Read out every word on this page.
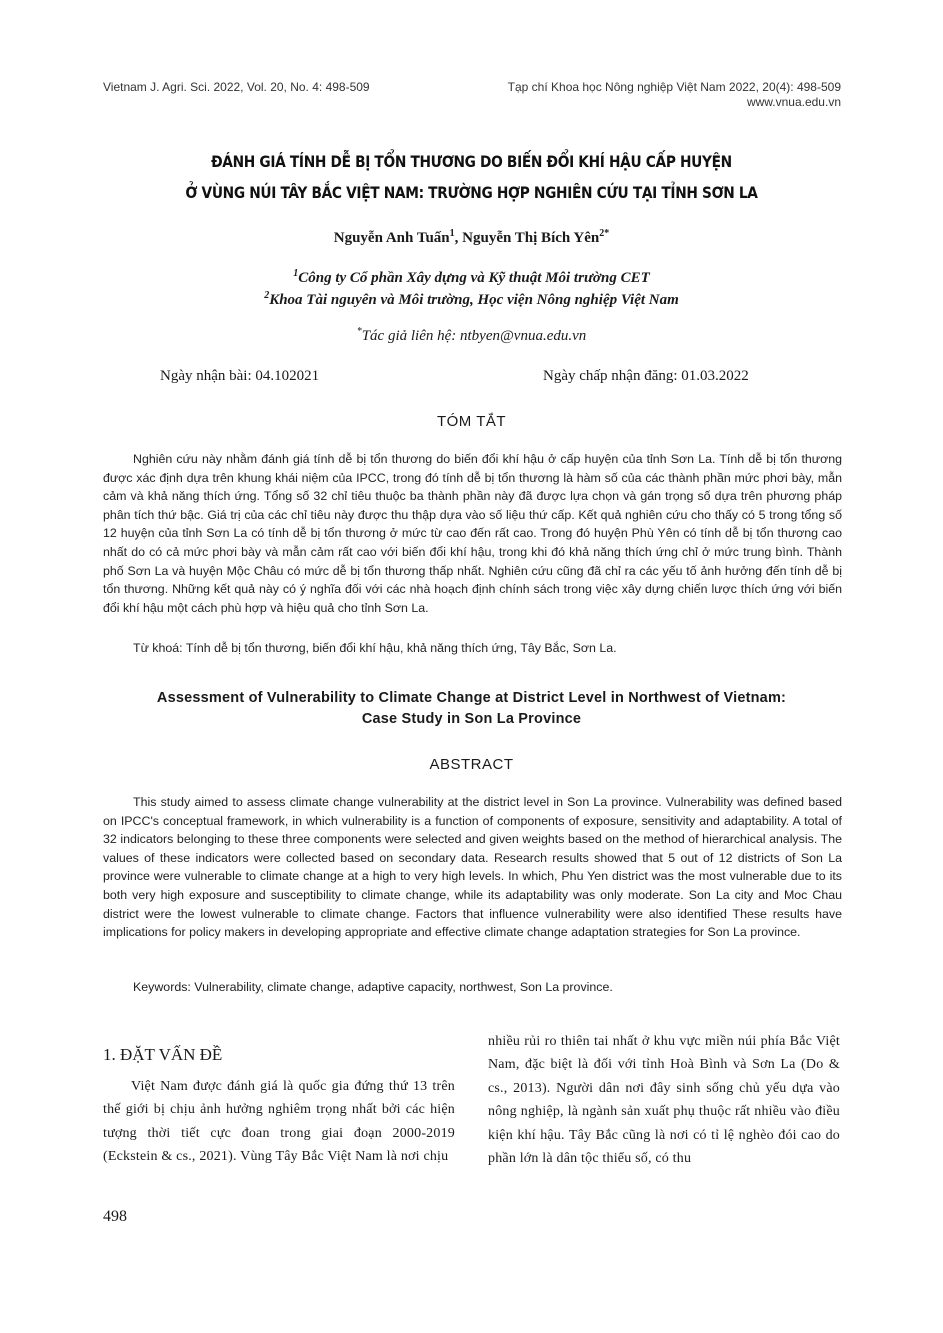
Vietnam J. Agri. Sci. 2022, Vol. 20, No. 4: 498-509	Tạp chí Khoa học Nông nghiệp Việt Nam 2022, 20(4): 498-509
www.vnua.edu.vn
ĐÁNH GIÁ TÍNH DỄ BỊ TỔN THƯƠNG DO BIẾN ĐỔI KHÍ HẬU CẤP HUYỆN
Ở VÙNG NÚI TÂY BẮC VIỆT NAM: TRƯỜNG HỢP NGHIÊN CỨU TẠI TỈNH SƠN LA
Nguyễn Anh Tuấn$^1$, Nguyễn Thị Bích Yên$^{2*}$
$^1$Công ty Cổ phần Xây dựng và Kỹ thuật Môi trường CET
$^2$Khoa Tài nguyên và Môi trường, Học viện Nông nghiệp Việt Nam
*Tác giả liên hệ: ntbyen@vnua.edu.vn
Ngày nhận bài: 04.102021	Ngày chấp nhận đăng: 01.03.2022
TÓM TẮT
Nghiên cứu này nhằm đánh giá tính dễ bị tổn thương do biến đổi khí hậu ở cấp huyện của tỉnh Sơn La. Tính dễ bị tổn thương được xác định dựa trên khung khái niệm của IPCC, trong đó tính dễ bị tổn thương là hàm số của các thành phần mức phơi bày, mẫn cảm và khả năng thích ứng. Tổng số 32 chỉ tiêu thuộc ba thành phần này đã được lựa chọn và gán trọng số dựa trên phương pháp phân tích thứ bậc. Giá trị của các chỉ tiêu này được thu thập dựa vào số liệu thứ cấp. Kết quả nghiên cứu cho thấy có 5 trong tổng số 12 huyện của tỉnh Sơn La có tính dễ bị tổn thương ở mức từ cao đến rất cao. Trong đó huyện Phù Yên có tính dễ bị tổn thương cao nhất do có cả mức phơi bày và mẫn cảm rất cao với biến đổi khí hậu, trong khi đó khả năng thích ứng chỉ ở mức trung bình. Thành phố Sơn La và huyện Mộc Châu có mức dễ bị tổn thương thấp nhất. Nghiên cứu cũng đã chỉ ra các yếu tố ảnh hưởng đến tính dễ bị tổn thương. Những kết quả này có ý nghĩa đối với các nhà hoạch định chính sách trong việc xây dựng chiến lược thích ứng với biến đổi khí hậu một cách phù hợp và hiệu quả cho tỉnh Sơn La.
Từ khoá: Tính dễ bị tổn thương, biến đổi khí hậu, khả năng thích ứng, Tây Bắc, Sơn La.
Assessment of Vulnerability to Climate Change at District Level in Northwest of Vietnam:
Case Study in Son La Province
ABSTRACT
This study aimed to assess climate change vulnerability at the district level in Son La province. Vulnerability was defined based on IPCC's conceptual framework, in which vulnerability is a function of components of exposure, sensitivity and adaptability. A total of 32 indicators belonging to these three components were selected and given weights based on the method of hierarchical analysis. The values of these indicators were collected based on secondary data. Research results showed that 5 out of 12 districts of Son La province were vulnerable to climate change at a high to very high levels. In which, Phu Yen district was the most vulnerable due to its both very high exposure and susceptibility to climate change, while its adaptability was only moderate. Son La city and Moc Chau district were the lowest vulnerable to climate change. Factors that influence vulnerability were also identified These results have implications for policy makers in developing appropriate and effective climate change adaptation strategies for Son La province.
Keywords: Vulnerability, climate change, adaptive capacity, northwest, Son La province.
1. ĐẶT VẤN ĐỀ
Việt Nam được đánh giá là quốc gia đứng thứ 13 trên thế giới bị chịu ảnh hưởng nghiêm trọng nhất bởi các hiện tượng thời tiết cực đoan trong giai đoạn 2000-2019 (Eckstein & cs., 2021). Vùng Tây Bắc Việt Nam là nơi chịu
nhiều rủi ro thiên tai nhất ở khu vực miền núi phía Bắc Việt Nam, đặc biệt là đối với tỉnh Hoà Bình và Sơn La (Do & cs., 2013). Người dân nơi đây sinh sống chủ yếu dựa vào nông nghiệp, là ngành sản xuất phụ thuộc rất nhiều vào điều kiện khí hậu. Tây Bắc cũng là nơi có tỉ lệ nghèo đói cao do phần lớn là dân tộc thiểu số, có thu
498
